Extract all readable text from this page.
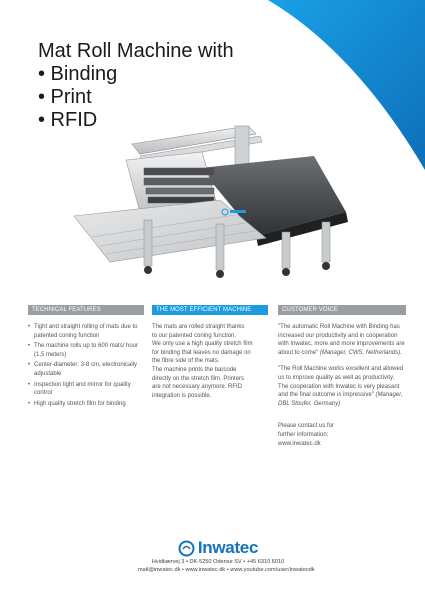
Mat Roll Machine with
• Binding
• Print
• RFID
TECHNICAL FEATURES
• Tight and straight rolling of mats due to patented coning function
• The machine rolls up to 600 mats/ hour (1,5 meters)
• Center-diameter: 3-8 cm, electronically adjustable
• Inspection light and mirror for quality control
• High quality stretch film for binding
THE MOST EFFICIENT MACHINE

The mats are rolled straight thanks

to our patented coning function.

We only use a high quality stretch film

for binding that leaves no damage on

the fibre side of the mats.

The machine prints the barcode

directly on the stretch film. Printers

are not necessary anymore. RFID

integration is possible.

CUSTOMER VOICE

"The automatic Roll Machine with Binding has increased our productivity and in cooperation with Inwatec, more and more improvements are about to come" (Manager, CWS, Netherlands).

"The Roll Machine works excellent and allowed us to improve quality as well as productivity. The cooperation with Inwatec is very pleasant and the final outcome is impressive" (Manager, DBL Stoufer, Germany)

Please contact us for
further information:
www.inwatec.dk

Inwatec
Hvidkærvej 3 • DK-5250 Odense SV • +45 6310 6010
mail@inwatec.dk • www.inwatec.dk • www.youtube.com/user/inwatecdk
